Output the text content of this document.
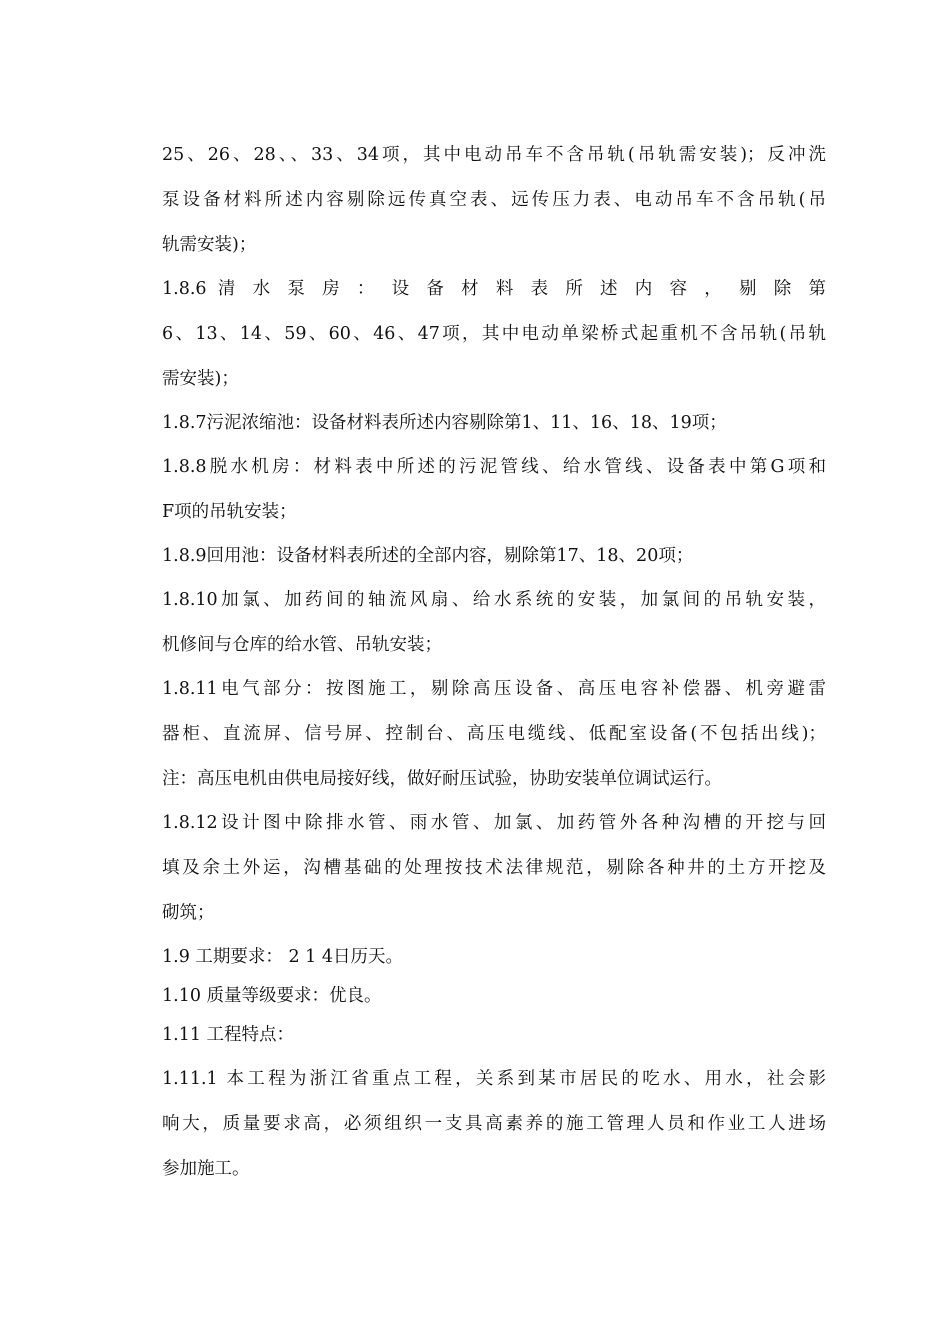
25、26、28、、33、34项，其中电动吊车不含吊轨(吊轨需安装)；反冲洗
泵设备材料所述内容剔除远传真空表、远传压力表、电动吊车不含吊轨(吊
轨需安装)；
1.8.6 清 水 泵 房 ： 设 备 材 料 表 所 述 内 容 ， 剔 除 第
6、13、14、59、60、46、47项，其中电动单梁桥式起重机不含吊轨(吊轨
需安装)；
1.8.7污泥浓缩池：设备材料表所述内容剔除第1、11、16、18、19项；
1.8.8脱水机房：材料表中所述的污泥管线、给水管线、设备表中第G项和
F项的吊轨安装；
1.8.9回用池：设备材料表所述的全部内容，剔除第17、18、20项；
1.8.10加氯、加药间的轴流风扇、给水系统的安装，加氯间的吊轨安装，
机修间与仓库的给水管、吊轨安装；
1.8.11电气部分：按图施工，剔除高压设备、高压电容补偿器、机旁避雷
器柜、直流屏、信号屏、控制台、高压电缆线、低配室设备(不包括出线)；
注：高压电机由供电局接好线，做好耐压试验，协助安装单位调试运行。
1.8.12设计图中除排水管、雨水管、加氯、加药管外各种沟槽的开挖与回
填及余土外运，沟槽基础的处理按技术法律规范，剔除各种井的土方开挖及
砌筑；
1.9 工期要求： 2 1 4日历天。
1.10 质量等级要求：优良。
1.11 工程特点：
1.11.1 本工程为浙江省重点工程，关系到某市居民的吃水、用水，社会影
响大，质量要求高，必须组织一支具高素养的施工管理人员和作业工人进场
参加施工。
